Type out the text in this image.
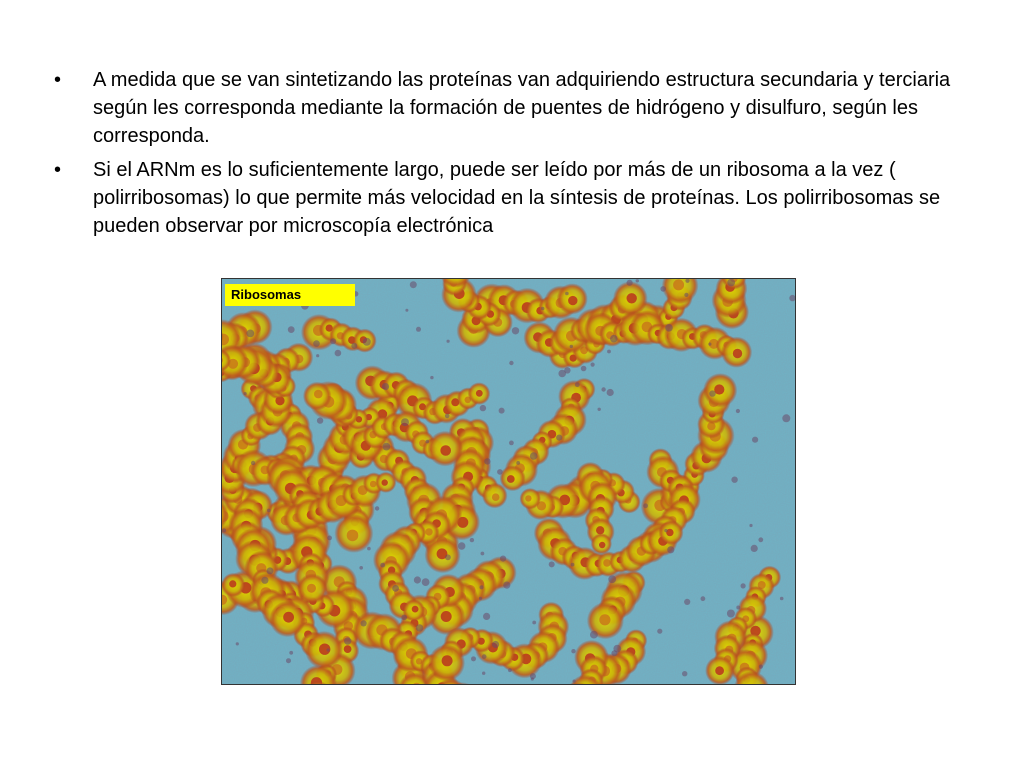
•	A medida que se van sintetizando las proteínas van adquiriendo estructura secundaria y terciaria según les corresponda mediante la formación de puentes de hidrógeno y disulfuro, según les corresponda.
•	Si el ARNm es lo suficientemente largo, puede ser leído por más de un ribosoma a la vez ( polirribosomas) lo que permite más velocidad en la síntesis de proteínas. Los polirribosomas se pueden observar por microscopía electrónica
Ribosomas
